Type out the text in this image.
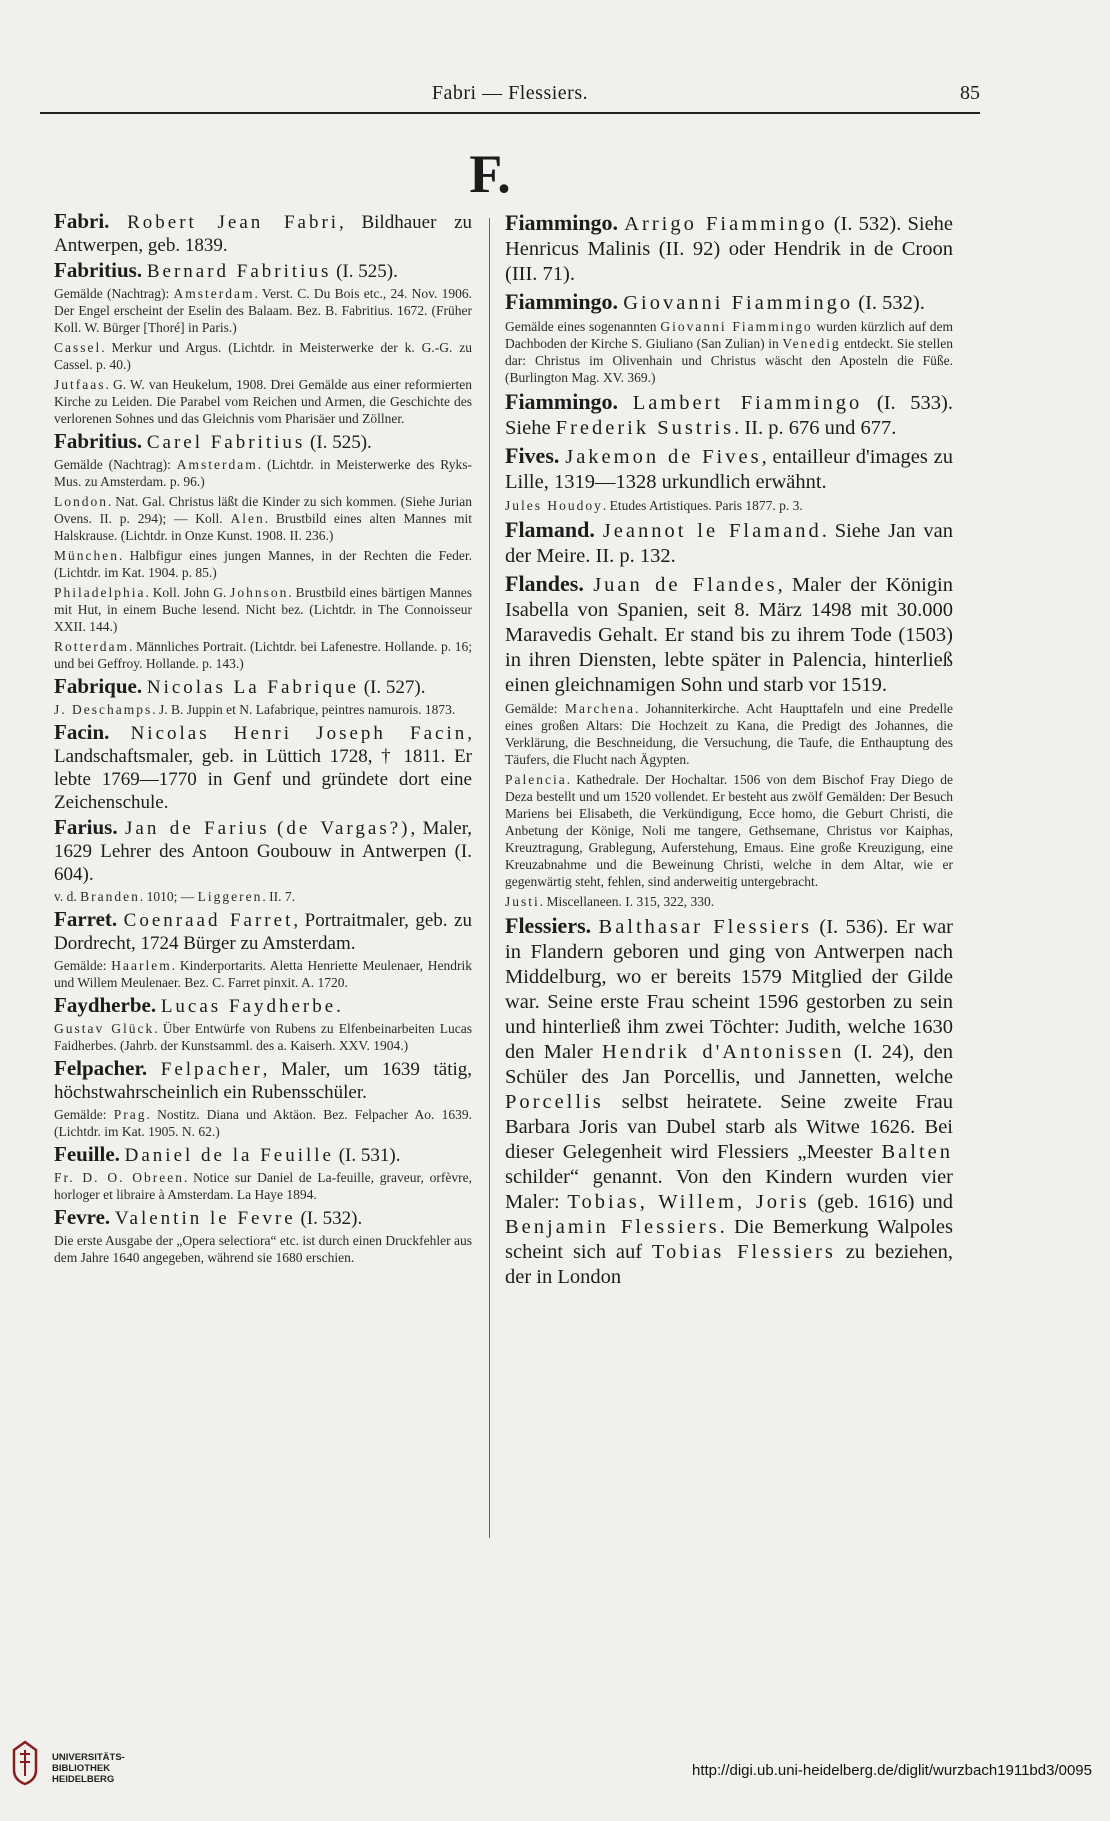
Fabri — Flessiers.	85
F.

Fabri. Robert Jean Fabri, Bildhauer zu Antwerpen, geb. 1839.

Fabritius. Bernard Fabritius (I. 525).

Gemälde (Nachtrag): Amsterdam. Verst. C. Du Bois etc., 24. Nov. 1906. Der Engel erscheint der Eselin des Balaam. Bez. B. Fabritius. 1672. (Früher Koll. W. Bürger [Thoré] in Paris.)

Cassel. Merkur und Argus. (Lichtdr. in Meisterwerke der k. G.-G. zu Cassel. p. 40.)

Jutfaas. G. W. van Heukelum, 1908. Drei Gemälde aus einer reformierten Kirche zu Leiden. Die Parabel vom Reichen und Armen, die Geschichte des verlorenen Sohnes und das Gleichnis vom Pharisäer und Zöllner.

Fabritius. Carel Fabritius (I. 525).

Gemälde (Nachtrag): Amsterdam. (Lichtdr. in Meisterwerke des Ryks-Mus. zu Amsterdam. p. 96.)

London. Nat. Gal. Christus läßt die Kinder zu sich kommen. (Siehe Jurian Ovens. II. p. 294); — Koll. Alen. Brustbild eines alten Mannes mit Halskrause. (Lichtdr. in Onze Kunst. 1908. II. 236.)

München. Halbfigur eines jungen Mannes, in der Rechten die Feder. (Lichtdr. im Kat. 1904. p. 85.)

Philadelphia. Koll. John G. Johnson. Brustbild eines bärtigen Mannes mit Hut, in einem Buche lesend. Nicht bez. (Lichtdr. in The Connoisseur XXII. 144.)

Rotterdam. Männliches Portrait. (Lichtdr. bei Lafenestre. Hollande. p. 16; und bei Geffroy. Hollande. p. 143.)

Fabrique. Nicolas La Fabrique (I. 527).

J. Deschamps. J. B. Juppin et N. Lafabrique, peintres namurois. 1873.

Facin. Nicolas Henri Joseph Facin, Landschaftsmaler, geb. in Lüttich 1728, † 1811. Er lebte 1769—1770 in Genf und gründete dort eine Zeichenschule.

Farius. Jan de Farius (de Vargas?), Maler, 1629 Lehrer des Antoon Goubouw in Antwerpen (I. 604).

v. d. Branden. 1010; — Liggeren. II. 7.

Farret. Coenraad Farret, Portraitmaler, geb. zu Dordrecht, 1724 Bürger zu Amsterdam.

Gemälde: Haarlem. Kinderportarits. Aletta Henriette Meulenaer, Hendrik und Willem Meulenaer. Bez. C. Farret pinxit. A. 1720.

Faydherbe. Lucas Faydherbe.

Gustav Glück. Über Entwürfe von Rubens zu Elfenbeinarbeiten Lucas Faidherbes. (Jahrb. der Kunstsamml. des a. Kaiserh. XXV. 1904.)

Felpacher. Felpacher, Maler, um 1639 tätig, höchstwahrscheinlich ein Rubensschüler.

Gemälde: Prag. Nostitz. Diana und Aktäon. Bez. Felpacher Ao. 1639. (Lichtdr. im Kat. 1905. N. 62.)

Feuille. Daniel de la Feuille (I. 531).

Fr. D. O. Obreen. Notice sur Daniel de La-feuille, graveur, orfèvre, horloger et libraire à Amsterdam. La Haye 1894.

Fevre. Valentin le Fevre (I. 532).

Die erste Ausgabe der „Opera selectiora“ etc. ist durch einen Druckfehler aus dem Jahre 1640 angegeben, während sie 1680 erschien.

Fiammingo. Arrigo Fiammingo (I. 532). Siehe Henricus Malinis (II. 92) oder Hendrik in de Croon (III. 71).

Fiammingo. Giovanni Fiammingo (I. 532).

Gemälde eines sogenannten Giovanni Fiammingo wurden kürzlich auf dem Dachboden der Kirche S. Giuliano (San Zulian) in Venedig entdeckt. Sie stellen dar: Christus im Olivenhain und Christus wäscht den Aposteln die Füße. (Burlington Mag. XV. 369.)

Fiammingo. Lambert Fiammingo (I. 533). Siehe Frederik Sustris. II. p. 676 und 677.

Fives. Jakemon de Fives, entailleur d'images zu Lille, 1319—1328 urkundlich erwähnt.

Jules Houdoy. Etudes Artistiques. Paris 1877. p. 3.

Flamand. Jeannot le Flamand. Siehe Jan van der Meire. II. p. 132.

Flandes. Juan de Flandes, Maler der Königin Isabella von Spanien, seit 8. März 1498 mit 30.000 Maravedis Gehalt. Er stand bis zu ihrem Tode (1503) in ihren Diensten, lebte später in Palencia, hinterließ einen gleichnamigen Sohn und starb vor 1519.

Gemälde: Marchena. Johanniterkirche. Acht Haupttafeln und eine Predelle eines großen Altars: Die Hochzeit zu Kana, die Predigt des Johannes, die Verklärung, die Beschneidung, die Versuchung, die Taufe, die Enthauptung des Täufers, die Flucht nach Ägypten.

Palencia. Kathedrale. Der Hochaltar. 1506 von dem Bischof Fray Diego de Deza bestellt und um 1520 vollendet. Er besteht aus zwölf Gemälden: Der Besuch Mariens bei Elisabeth, die Verkündigung, Ecce homo, die Geburt Christi, die Anbetung der Könige, Noli me tangere, Gethsemane, Christus vor Kaiphas, Kreuztragung, Grablegung, Auferstehung, Emaus. Eine große Kreuzigung, eine Kreuzabnahme und die Beweinung Christi, welche in dem Altar, wie er gegenwärtig steht, fehlen, sind anderweitig untergebracht.

Justi. Miscellaneen. I. 315, 322, 330.

Flessiers. Balthasar Flessiers (I. 536). Er war in Flandern geboren und ging von Antwerpen nach Middelburg, wo er bereits 1579 Mitglied der Gilde war. Seine erste Frau scheint 1596 gestorben zu sein und hinterließ ihm zwei Töchter: Judith, welche 1630 den Maler Hendrik d'Antonissen (I. 24), den Schüler des Jan Porcellis, und Jannetten, welche Porcellis selbst heiratete. Seine zweite Frau Barbara Joris van Dubel starb als Witwe 1626. Bei dieser Gelegenheit wird Flessiers „Meester Balten schilder“ genannt. Von den Kindern wurden vier Maler: Tobias, Willem, Joris (geb. 1616) und Benjamin Flessiers. Die Bemerkung Walpoles scheint sich auf Tobias Flessiers zu beziehen, der in London

UNIVERSITÄTS-
BIBLIOTHEK
HEIDELBERG
http://digi.ub.uni-heidelberg.de/diglit/wurzbach1911bd3/0095
